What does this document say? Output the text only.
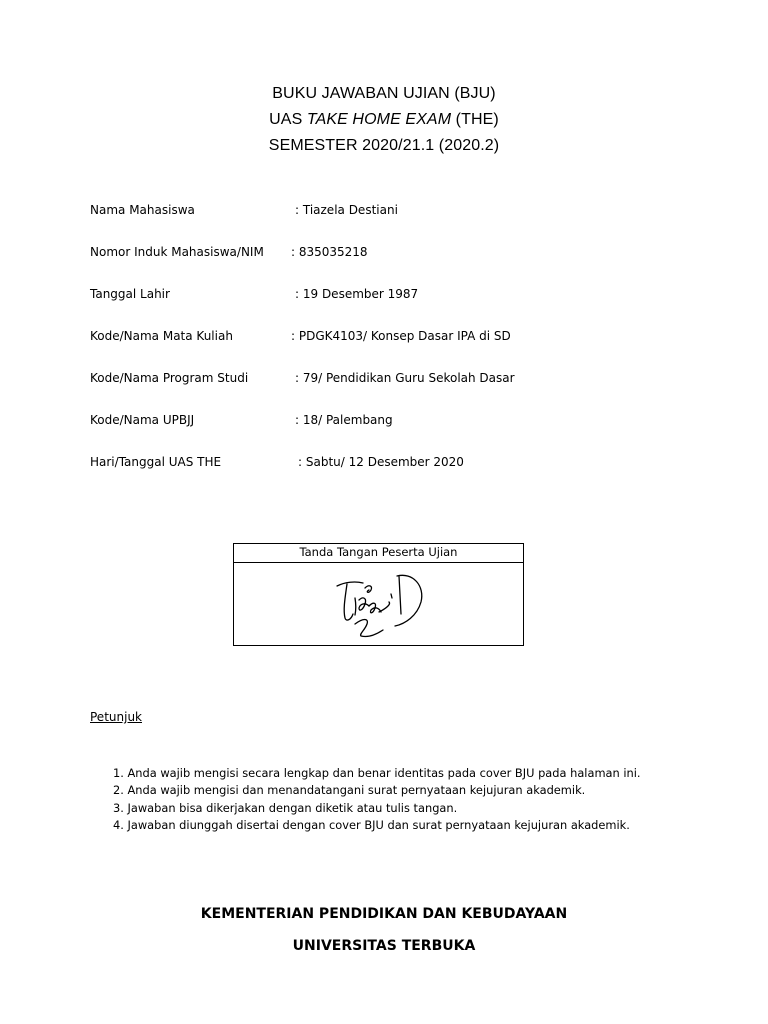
BUKU JAWABAN UJIAN (BJU)
UAS TAKE HOME EXAM (THE)
SEMESTER 2020/21.1 (2020.2)
Nama Mahasiswa	: Tiazela Destiani
Nomor Induk Mahasiswa/NIM : 835035218
Tanggal Lahir	: 19 Desember 1987
Kode/Nama Mata Kuliah	: PDGK4103/ Konsep Dasar IPA di SD
Kode/Nama Program Studi	: 79/ Pendidikan Guru Sekolah Dasar
Kode/Nama UPBJJ	: 18/ Palembang
Hari/Tanggal UAS THE	: Sabtu/ 12 Desember 2020
Tanda Tangan Peserta Ujian
Petunjuk
1. Anda wajib mengisi secara lengkap dan benar identitas pada cover BJU pada halaman ini.
2. Anda wajib mengisi dan menandatangani surat pernyataan kejujuran akademik.
3. Jawaban bisa dikerjakan dengan diketik atau tulis tangan.
4. Jawaban diunggah disertai dengan cover BJU dan surat pernyataan kejujuran akademik.
KEMENTERIAN PENDIDIKAN DAN KEBUDAYAAN
UNIVERSITAS TERBUKA
